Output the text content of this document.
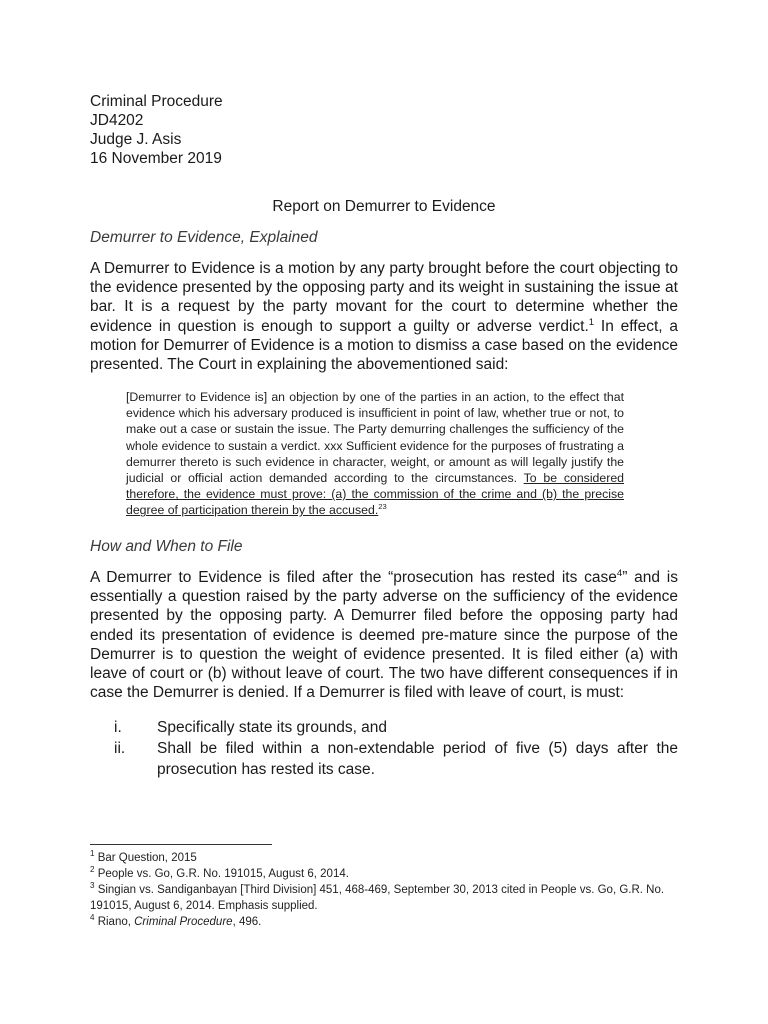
Criminal Procedure
JD4202
Judge J. Asis
16 November 2019
Report on Demurrer to Evidence
Demurrer to Evidence, Explained

A Demurrer to Evidence is a motion by any party brought before the court objecting to the evidence presented by the opposing party and its weight in sustaining the issue at bar. It is a request by the party movant for the court to determine whether the evidence in question is enough to support a guilty or adverse verdict.$^1$ In effect, a motion for Demurrer of Evidence is a motion to dismiss a case based on the evidence presented. The Court in explaining the abovementioned said:

[Demurrer to Evidence is] an objection by one of the parties in an action, to the effect that evidence which his adversary produced is insufficient in point of law, whether true or not, to make out a case or sustain the issue. The Party demurring challenges the sufficiency of the whole evidence to sustain a verdict. xxx Sufficient evidence for the purposes of frustrating a demurrer thereto is such evidence in character, weight, or amount as will legally justify the judicial or official action demanded according to the circumstances. To be considered therefore, the evidence must prove: (a) the commission of the crime and (b) the precise degree of participation therein by the accused.$^{23}$

How and When to File

A Demurrer to Evidence is filed after the “prosecution has rested its case$^4$” and is essentially a question raised by the party adverse on the sufficiency of the evidence presented by the opposing party. A Demurrer filed before the opposing party had ended its presentation of evidence is deemed pre-mature since the purpose of the Demurrer is to question the weight of evidence presented. It is filed either (a) with leave of court or (b) without leave of court. The two have different consequences if in case the Demurrer is denied. If a Demurrer is filed with leave of court, is must:

i.	Specifically state its grounds, and
ii.	Shall be filed within a non-extendable period of five (5) days after the prosecution has rested its case.
$^1$ Bar Question, 2015
$^2$ People vs. Go, G.R. No. 191015, August 6, 2014.
$^3$ Singian vs. Sandiganbayan [Third Division] 451, 468-469, September 30, 2013 cited in People vs. Go, G.R. No. 191015, August 6, 2014. Emphasis supplied.
$^4$ Riano, Criminal Procedure, 496.
